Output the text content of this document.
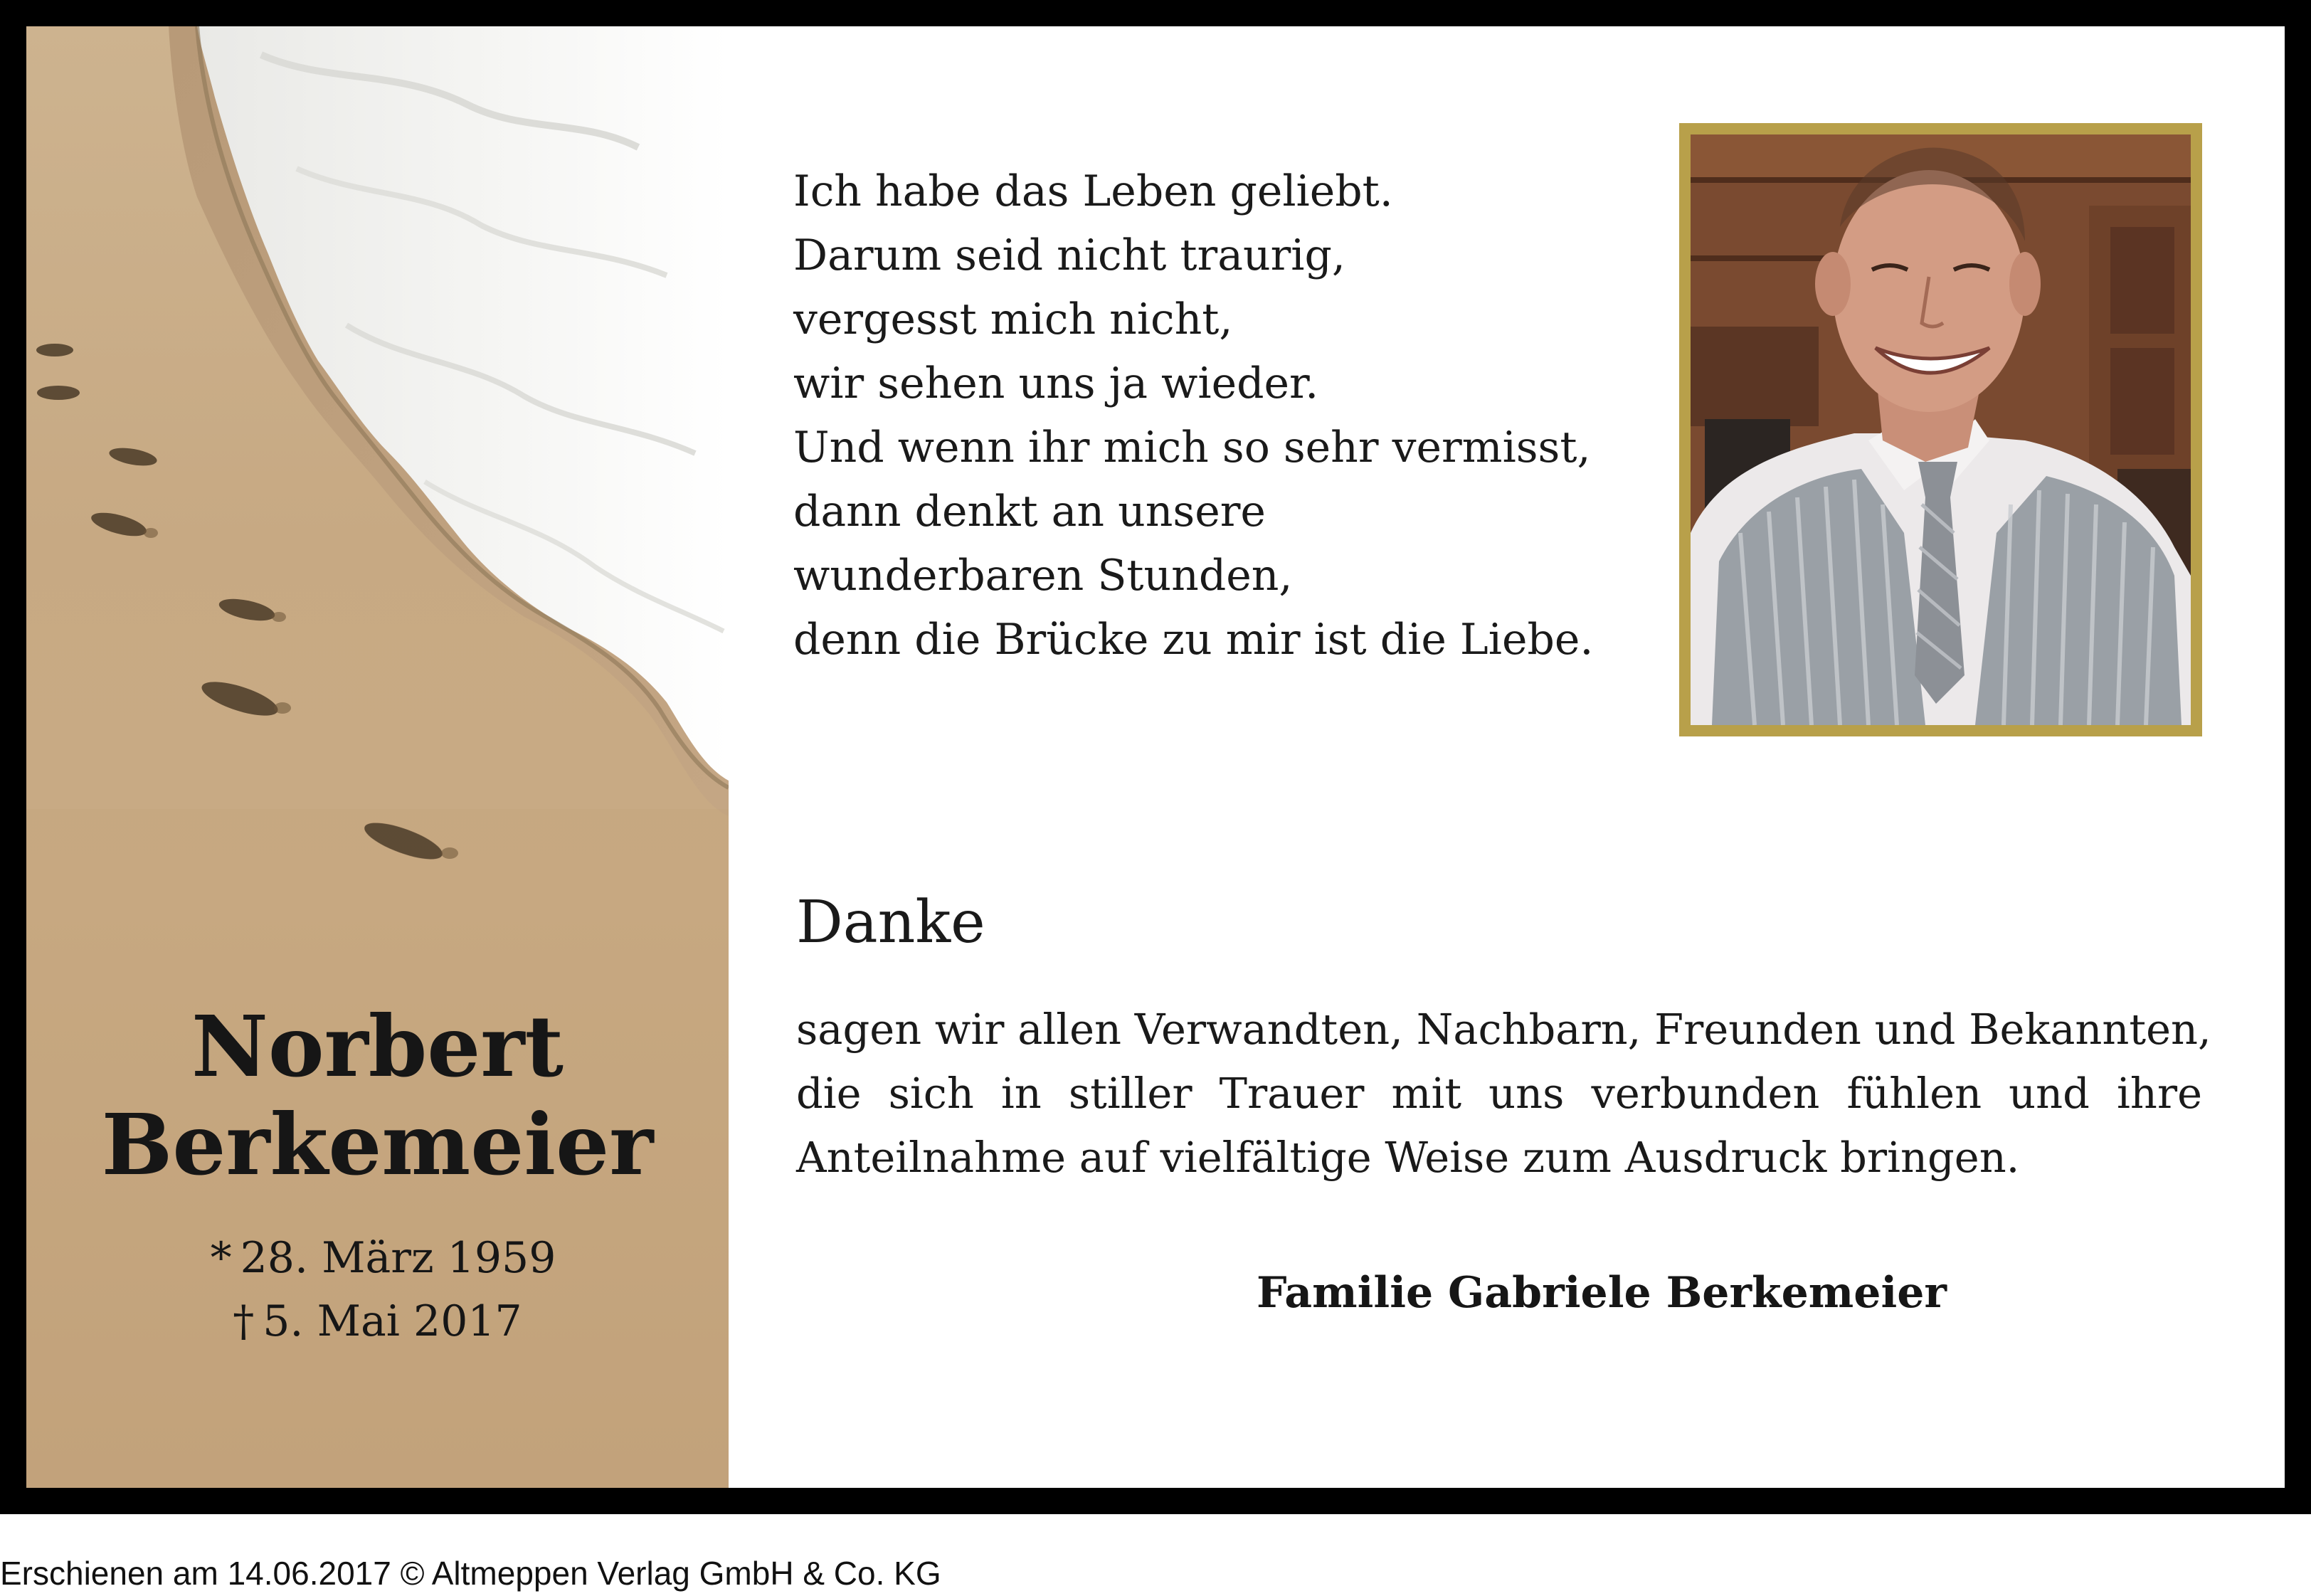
Norbert
Berkemeier
* 28. März 1959
† 5. Mai 2017
Ich habe das Leben geliebt.
Darum seid nicht traurig,
vergesst mich nicht,
wir sehen uns ja wieder.
Und wenn ihr mich so sehr vermisst,
dann denkt an unsere
wunderbaren Stunden,
denn die Brücke zu mir ist die Liebe.
Danke
sagen wir allen Verwandten, Nachbarn, Freunden und Bekannten,
die sich in stiller Trauer mit uns verbunden fühlen und ihre
Anteilnahme auf vielfältige Weise zum Ausdruck bringen.
Familie Gabriele Berkemeier
Erschienen am 14.06.2017 © Altmeppen Verlag GmbH & Co. KG
